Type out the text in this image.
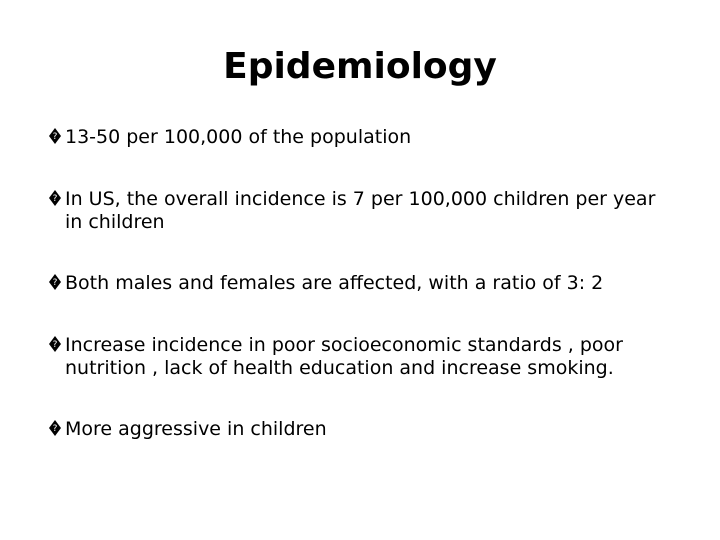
Epidemiology
? 13-50 per 100,000 of the population
? In US, the overall incidence is 7 per 100,000 children per year in children
? Both males and females are affected, with a ratio of 3: 2
? Increase incidence in poor socioeconomic standards , poor nutrition , lack of health education and increase smoking.
? More aggressive in children
